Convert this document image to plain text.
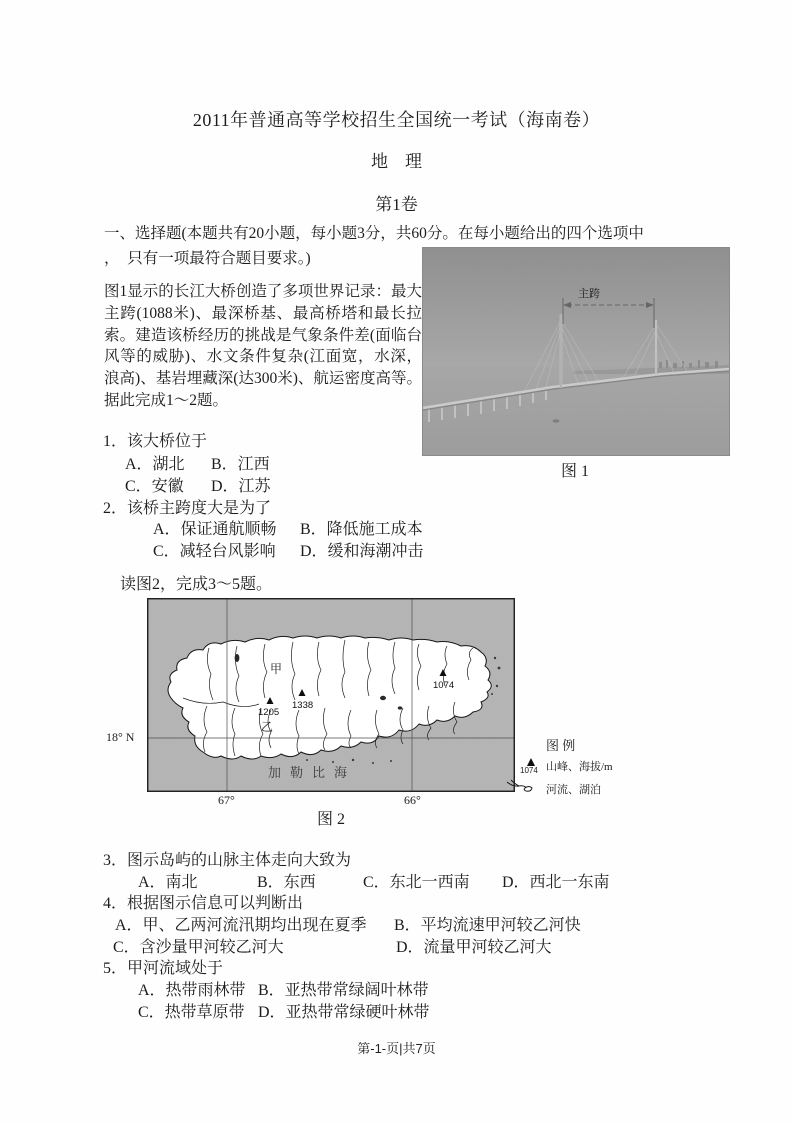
2011年普通高等学校招生全国统一考试（海南卷）
地　理
第1卷
一、选择题(本题共有20小题，每小题3分，共60分。在每小题给出的四个选项中
，　只有一项最符合题目要求。)
图1显示的长江大桥创造了多项世界记录：最大主跨(1088米)、最深桥基、最高桥塔和最长拉索。建造该桥经历的挑战是气象条件差(面临台风等的威胁)、水文条件复杂(江面宽，水深，浪高)、基岩埋藏深(达300米)、航运密度高等。据此完成1～2题。
主跨
图 1
1．该大桥位于
A．湖北 B．江西
C．安徽 D．江苏
2．该桥主跨度大是为了
A．保证通航顺畅 B．降低施工成本
C．减轻台风影响 D．缓和海潮冲击
读图2，完成3～5题。
甲
乙
1205
1338
1074
加勒比海
18° N
67°	66°
图 2
图 例
1074 山峰、海拔/m
河流、湖泊
3．图示岛屿的山脉主体走向大致为
A．南北	B．东西	C．东北一西南 D．西北一东南
4．根据图示信息可以判断出
A．甲、乙两河流汛期均出现在夏季 B．平均流速甲河较乙河快
C．含沙量甲河较乙河大	D．流量甲河较乙河大
5．甲河流域处于
A．热带雨林带 B．亚热带常绿阔叶林带
C．热带草原带 D．亚热带常绿硬叶林带
第-1-页|共7页
